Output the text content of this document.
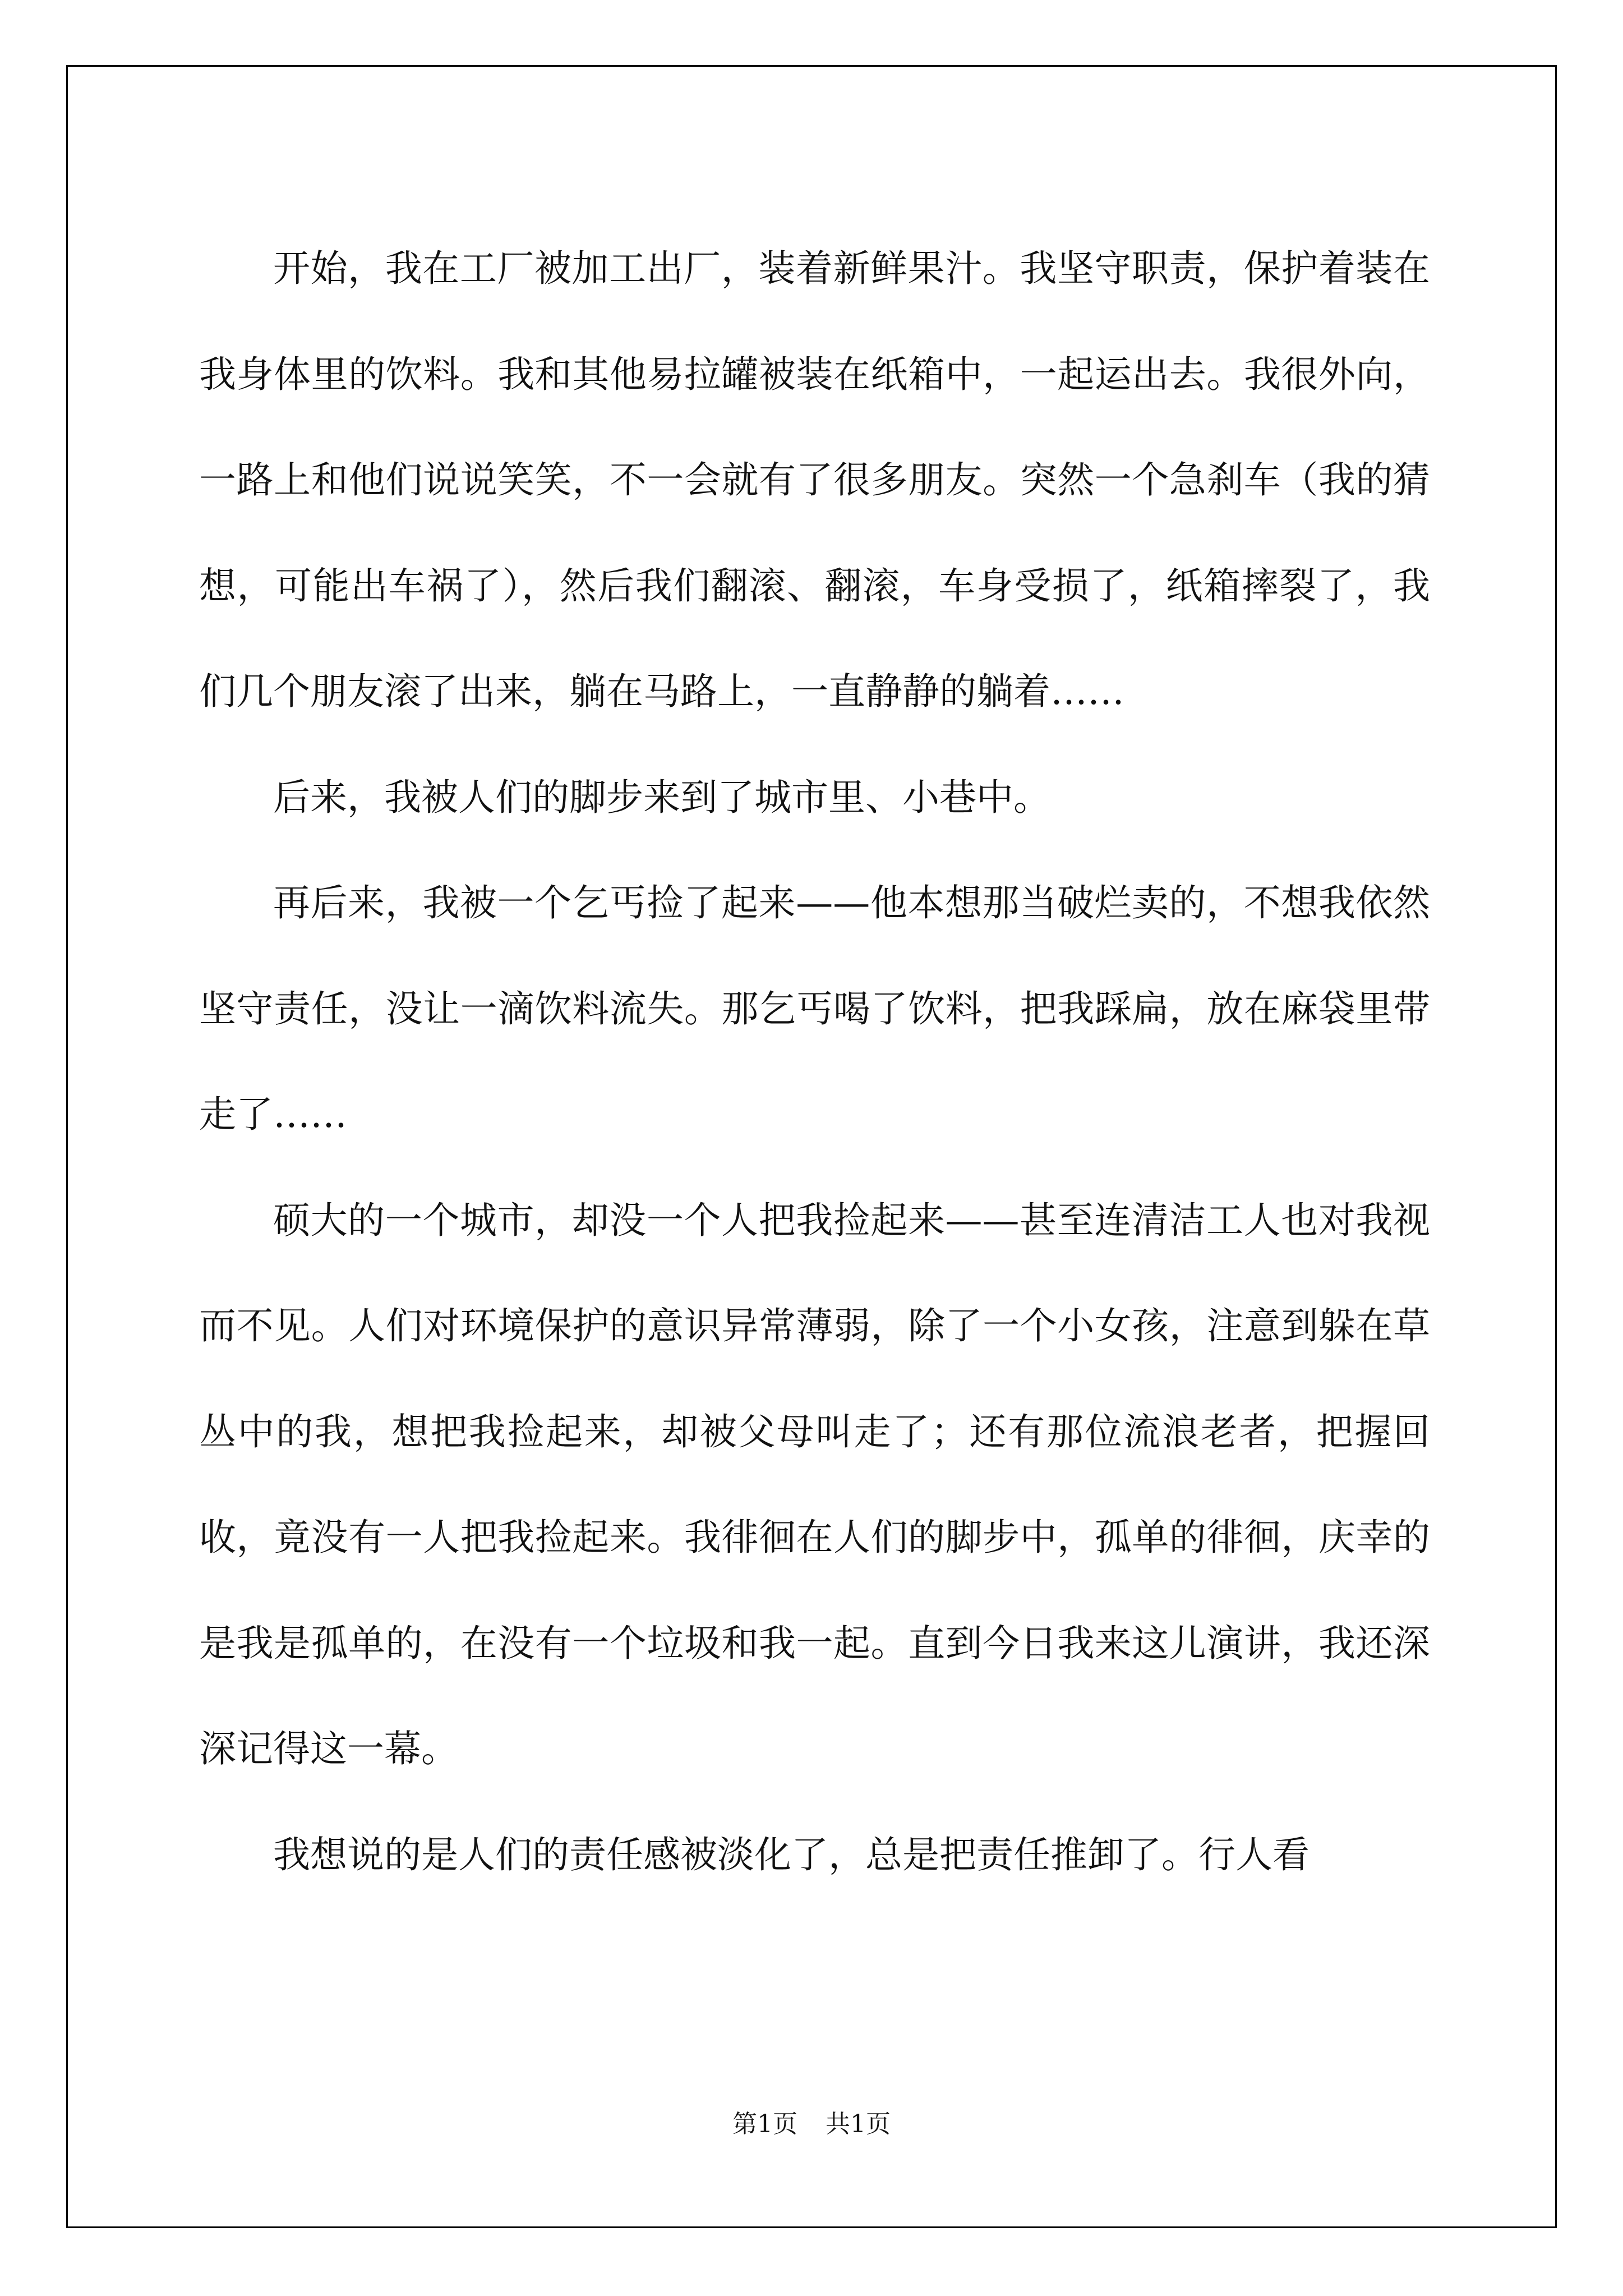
开始，我在工厂被加工出厂，装着新鲜果汁。我坚守职责，保护着装在我身体里的饮料。我和其他易拉罐被装在纸箱中，一起运出去。我很外向，一路上和他们说说笑笑，不一会就有了很多朋友。突然一个急刹车（我的猜想，可能出车祸了），然后我们翻滚、翻滚，车身受损了，纸箱摔裂了，我们几个朋友滚了出来，躺在马路上，一直静静的躺着……

后来，我被人们的脚步来到了城市里、小巷中。

再后来，我被一个乞丐捡了起来——他本想那当破烂卖的，不想我依然坚守责任，没让一滴饮料流失。那乞丐喝了饮料，把我踩扁，放在麻袋里带走了……

硕大的一个城市，却没一个人把我捡起来——甚至连清洁工人也对我视而不见。人们对环境保护的意识异常薄弱，除了一个小女孩，注意到躲在草丛中的我，想把我捡起来，却被父母叫走了；还有那位流浪老者，把握回收，竟没有一人把我捡起来。我徘徊在人们的脚步中，孤单的徘徊，庆幸的是我是孤单的，在没有一个垃圾和我一起。直到今日我来这儿演讲，我还深深记得这一幕。

我想说的是人们的责任感被淡化了，总是把责任推卸了。行人看

第1页 共1页
